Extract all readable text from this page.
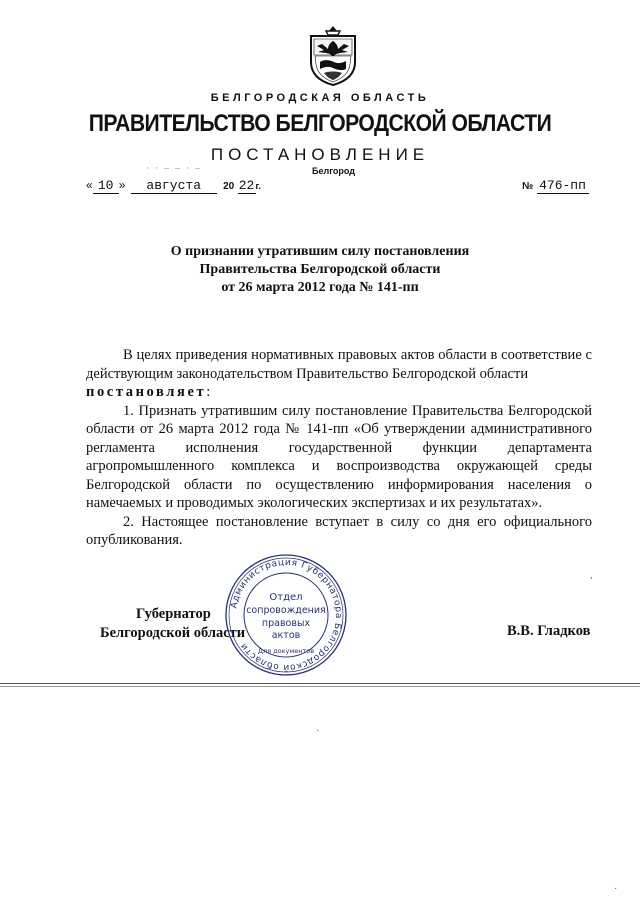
БЕЛГОРОДСКАЯ ОБЛАСТЬ
ПРАВИТЕЛЬСТВО БЕЛГОРОДСКОЙ ОБЛАСТИ
ПОСТАНОВЛЕНИЕ
Белгород
· · – – · –
« 10 » августа 20 22г.	№ 476-пп
О признании утратившим силу постановления
Правительства Белгородской области
от 26 марта 2012 года № 141-пп

В целях приведения нормативных правовых актов области в соответствие с действующим законодательством Правительство Белгородской области

постановляет:

1. Признать утратившим силу постановление Правительства Белгородской области от 26 марта 2012 года № 141-пп «Об утверждении административного регламента исполнения государственной функции департамента агропромышленного комплекса и воспроизводства окружающей среды Белгородской области по осуществлению информирования населения о намечаемых и проводимых экологических экспертизах и их результатах».

2. Настоящее постановление вступает в силу со дня его официального опубликования.

Губернатор
Белгородской области
Администрация Губернатора Белгородской области
Отдел
сопровождения
правовых
актов
Для документов
В.В. Гладков
,
·
·
